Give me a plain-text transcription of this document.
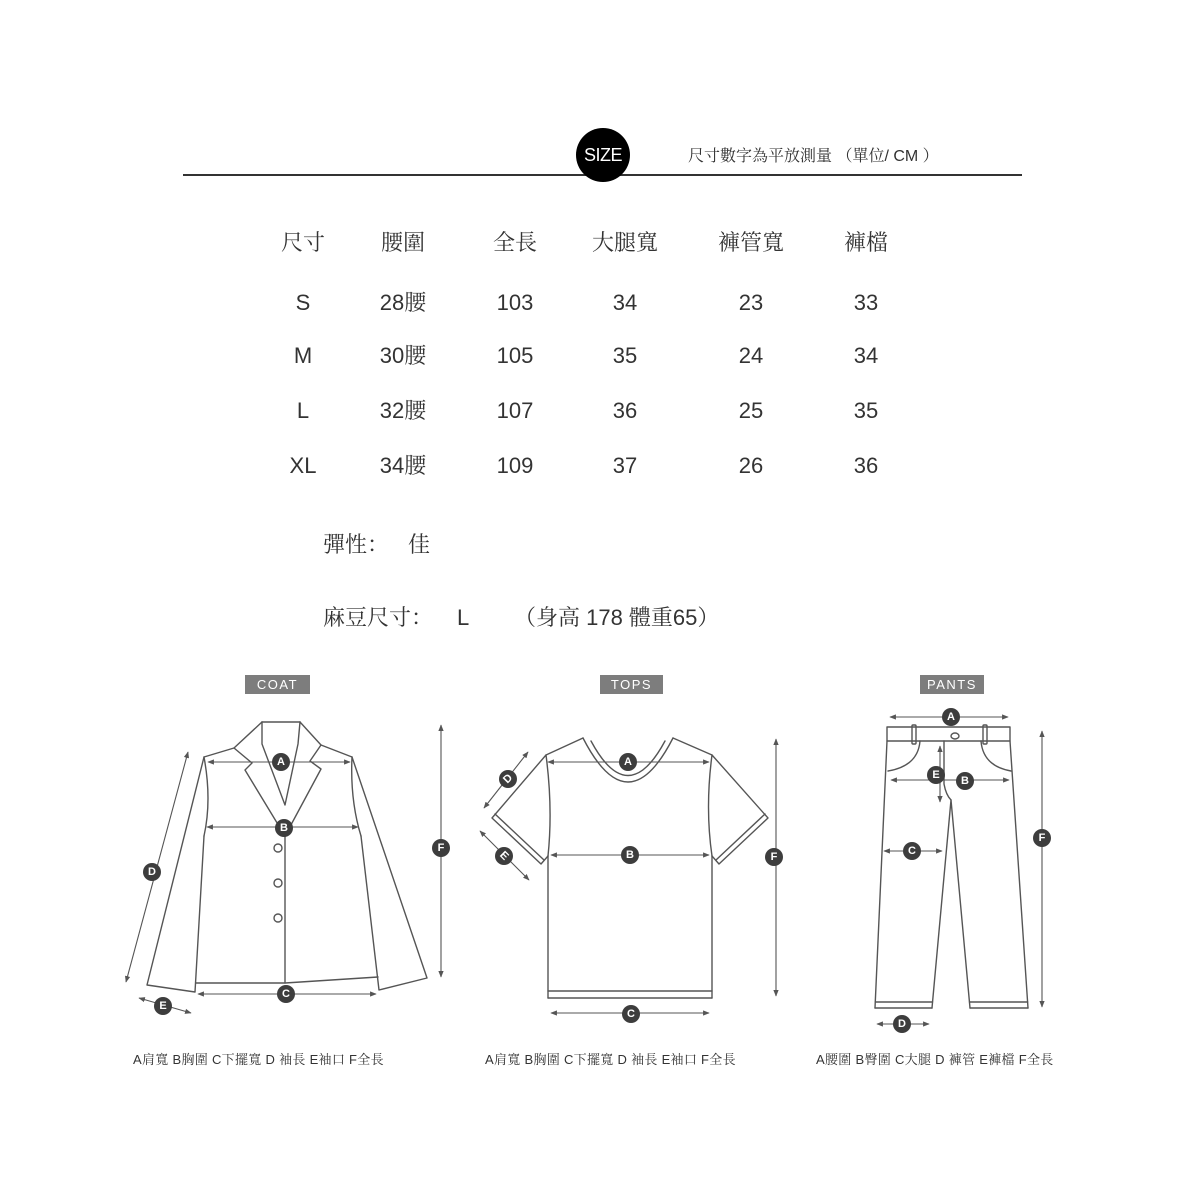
SIZE	尺寸數字為平放測量 （單位/ CM ）
尺寸	腰圍	全長 大腿寬	褲管寬	褲檔
S	28腰	103	34	23	33
M	30腰	105	35	24	34
L	32腰	107	36	25	35
XL	34腰	109	37	26	36
彈性： 佳
麻豆尺寸： L （身高 178 體重65）
A
B
C
D
E
F
A
B
C
D
E	F
A
B
C
D
E
F
COAT	TOPS	PANTS
A肩寬 B胸圍 C下擺寬 D 袖長 E袖口 F全長	A肩寬 B胸圍 C下擺寬 D 袖長 E袖口 F全長	A腰圍 B臀圍 C大腿 D 褲管 E褲檔 F全長
